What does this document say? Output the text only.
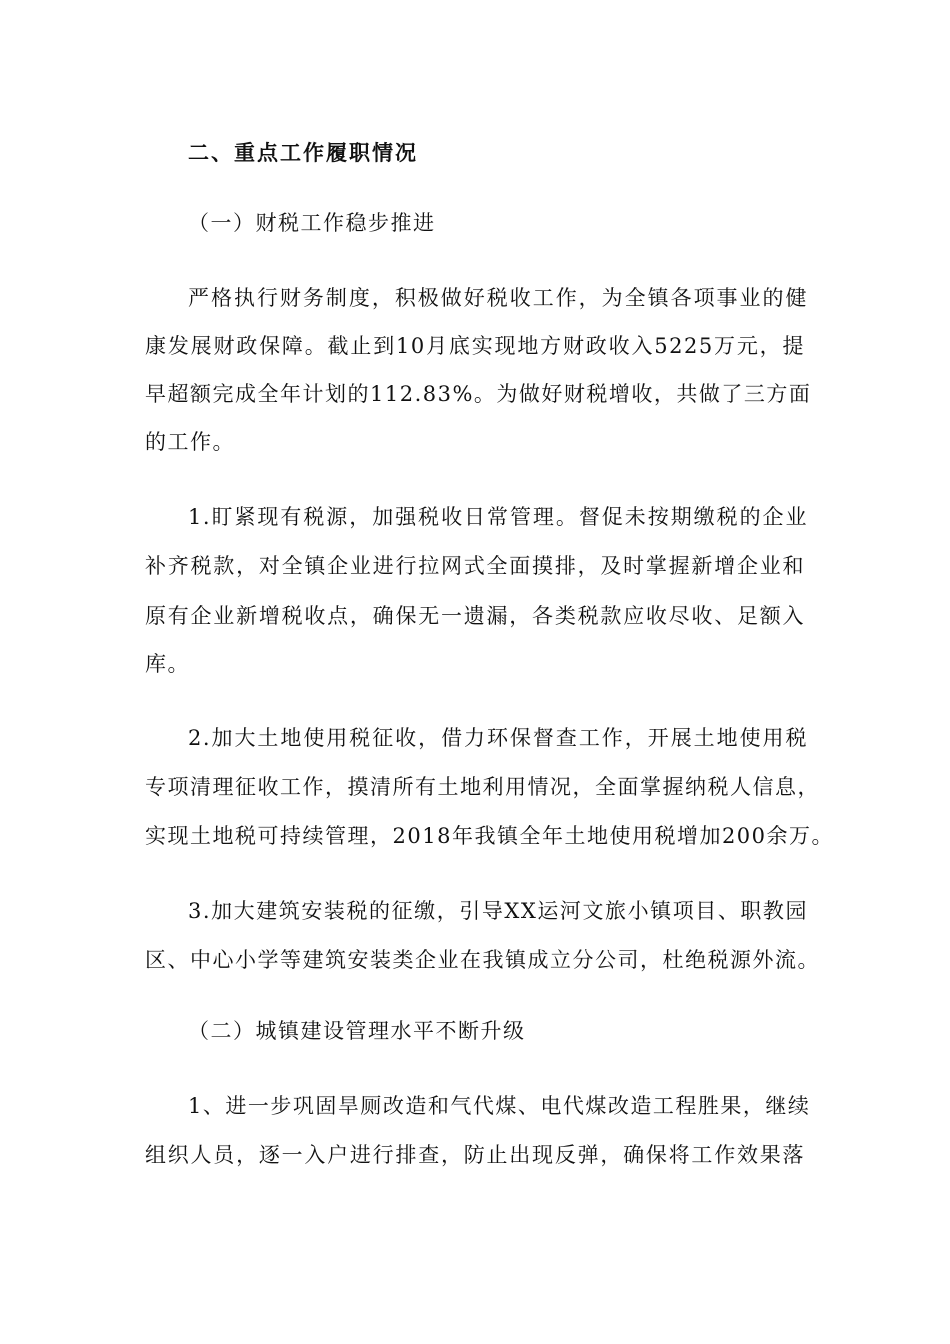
二、重点工作履职情况
（一）财税工作稳步推进
严格执行财务制度，积极做好税收工作，为全镇各项事业的健
康发展财政保障。截止到10月底实现地方财政收入5225万元，提
早超额完成全年计划的112.83%。为做好财税增收，共做了三方面
的工作。
1.盯紧现有税源，加强税收日常管理。督促未按期缴税的企业
补齐税款，对全镇企业进行拉网式全面摸排，及时掌握新增企业和
原有企业新增税收点，确保无一遗漏，各类税款应收尽收、足额入
库。
2.加大土地使用税征收，借力环保督查工作，开展土地使用税
专项清理征收工作，摸清所有土地利用情况，全面掌握纳税人信息，
实现土地税可持续管理，2018年我镇全年土地使用税增加200余万。
3.加大建筑安装税的征缴，引导XX运河文旅小镇项目、职教园
区、中心小学等建筑安装类企业在我镇成立分公司，杜绝税源外流。
（二）城镇建设管理水平不断升级
1、进一步巩固旱厕改造和气代煤、电代煤改造工程胜果，继续
组织人员，逐一入户进行排查，防止出现反弹，确保将工作效果落
